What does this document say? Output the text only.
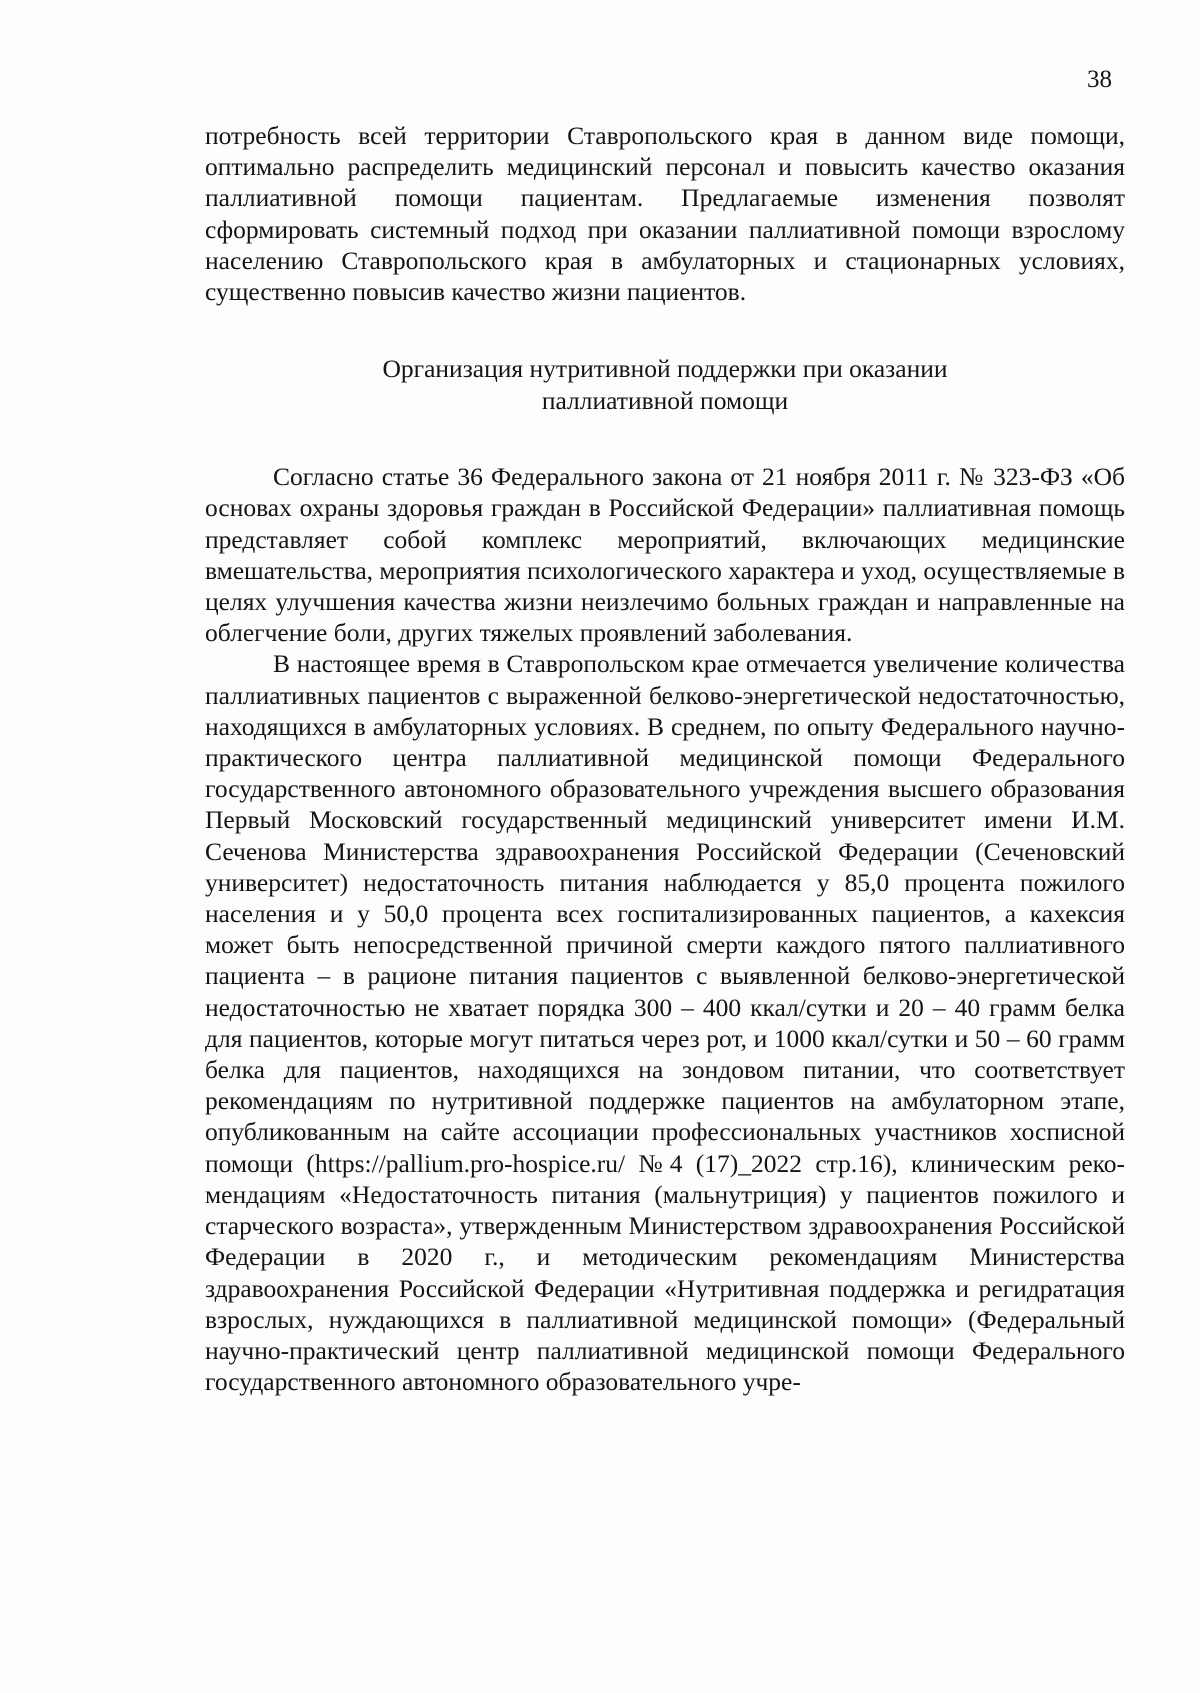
38

потребность всей территории Ставропольского края в данном виде помощи, оптимально распределить медицинский персонал и повысить качество оказания паллиативной помощи пациентам. Предлагаемые изменения позволят сформировать системный подход при оказании паллиативной помощи взрослому населению Ставропольского края в амбулаторных и стационарных условиях, существенно повысив качество жизни пациентов.

Организация нутритивной поддержки при оказании
паллиативной помощи

Согласно статье 36 Федерального закона от 21 ноября 2011 г. № 323-ФЗ «Об основах охраны здоровья граждан в Российской Федерации» паллиативная помощь представляет собой комплекс мероприятий, включающих медицинские вмешательства, мероприятия психологического характера и уход, осуществляемые в целях улучшения качества жизни неизлечимо больных граждан и направленные на облегчение боли, других тяжелых проявлений заболевания.

В настоящее время в Ставропольском крае отмечается увеличение количества паллиативных пациентов с выраженной белково-энергетической недостаточностью, находящихся в амбулаторных условиях. В среднем, по опыту Федерального научно-практического центра паллиативной медицинской помощи Федерального государственного автономного образовательного учреждения высшего образования Первый Московский государственный медицинский университет имени И.М. Сеченова Министерства здравоохранения Российской Федерации (Сеченовский университет) недостаточность питания наблюдается у 85,0 процента пожилого населения и у 50,0 процента всех госпитализированных пациентов, а кахексия может быть непосредственной причиной смерти каждого пятого паллиативного пациента – в рационе питания пациентов с выявленной белково-энергетической недостаточностью не хватает порядка 300 – 400 ккал/сутки и 20 – 40 грамм белка для пациентов, которые могут питаться через рот, и 1000 ккал/сутки и 50 – 60 грамм белка для пациентов, находящихся на зондовом питании, что соответствует рекомендациям по нутритивной поддержке пациентов на амбулаторном этапе, опубликованным на сайте ассоциации профессиональных участников хосписной помощи (https://pallium.pro-hospice.ru/ №4 (17)_2022 стр.16), клиническим рекомендациям «Недостаточность питания (мальнутриция) у пациентов пожилого и старческого возраста», утвержденным Министерством здравоохранения Российской Федерации в 2020 г., и методическим рекомендациям Министерства здравоохранения Российской Федерации «Нутритивная поддержка и регидратация взрослых, нуждающихся в паллиативной медицинской помощи» (Федеральный научно-практический центр паллиативной медицинской помощи Федерального государственного автономного образовательного учре-
